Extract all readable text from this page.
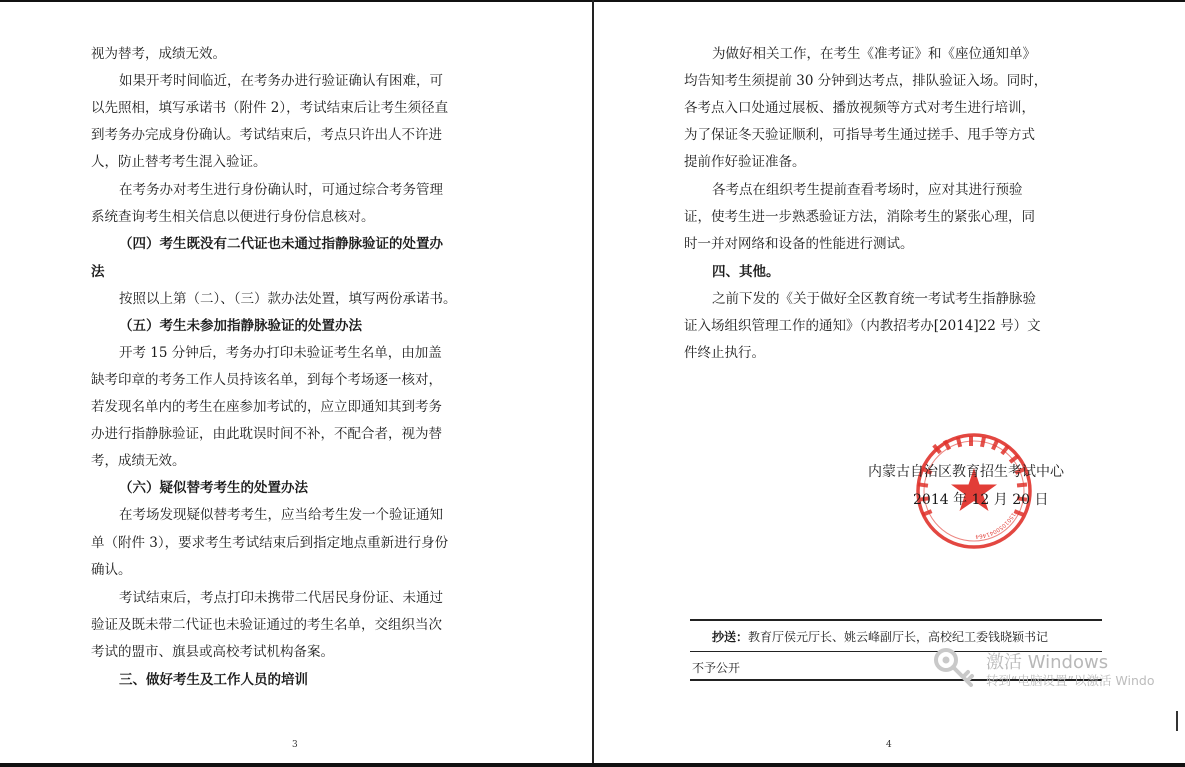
视为替考，成绩无效。
如果开考时间临近，在考务办进行验证确认有困难，可
以先照相，填写承诺书（附件 2），考试结束后让考生须径直
到考务办完成身份确认。考试结束后，考点只许出人不许进
人，防止替考考生混入验证。
在考务办对考生进行身份确认时，可通过综合考务管理
系统查询考生相关信息以便进行身份信息核对。
（四）考生既没有二代证也未通过指静脉验证的处置办
法
按照以上第（二）、（三）款办法处置，填写两份承诺书。
（五）考生未参加指静脉验证的处置办法
开考 15 分钟后，考务办打印未验证考生名单，由加盖
缺考印章的考务工作人员持该名单，到每个考场逐一核对，
若发现名单内的考生在座参加考试的，应立即通知其到考务
办进行指静脉验证，由此耽误时间不补，不配合者，视为替
考，成绩无效。
（六）疑似替考考生的处置办法
在考场发现疑似替考考生，应当给考生发一个验证通知
单（附件 3），要求考生考试结束后到指定地点重新进行身份
确认。
考试结束后，考点打印未携带二代居民身份证、未通过
验证及既未带二代证也未验证通过的考生名单，交组织当次
考试的盟市、旗县或高校考试机构备案。
三、做好考生及工作人员的培训
3
为做好相关工作，在考生《准考证》和《座位通知单》
均告知考生须提前 30 分钟到达考点，排队验证入场。同时，
各考点入口处通过展板、播放视频等方式对考生进行培训，
为了保证冬天验证顺利，可指导考生通过搓手、甩手等方式
提前作好验证准备。
各考点在组织考生提前查看考场时，应对其进行预验
证，使考生进一步熟悉验证方法，消除考生的紧张心理，同
时一并对网络和设备的性能进行测试。
四、其他。
之前下发的《关于做好全区教育统一考试考生指静脉验
证入场组织管理工作的通知》（内教招考办[2014]22 号）文
件终止执行。
抄送：教育厅侯元厅长、姚云峰副厅长，高校纪工委钱晓颖书记
不予公开
4
1501050041464
内蒙古自治区教育招生考试中心
2014 年 12 月 20 日
激活 Windows
转到“电脑设置”以激活 Windo
